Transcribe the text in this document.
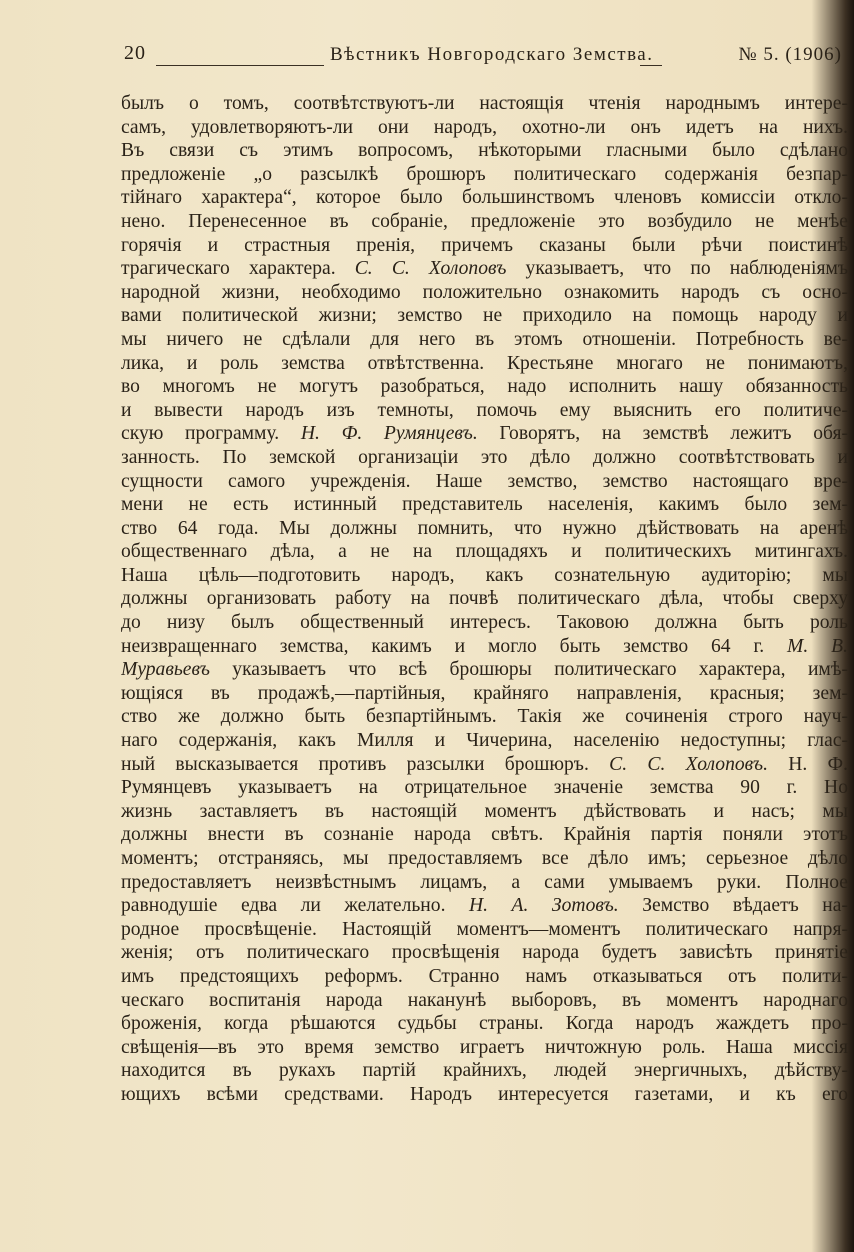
20	Вѣстникъ Новгородскаго Земства.	№ 5. (1906)
былъ о томъ, соотвѣтствуютъ-ли настоящія чтенія народнымъ интере-
самъ, удовлетворяютъ-ли они народъ, охотно-ли онъ идетъ на нихъ.
Въ связи съ этимъ вопросомъ, нѣкоторыми гласными было сдѣлано
предложеніе „о разсылкѣ брошюръ политическаго содержанія безпар-
тійнаго характера“, которое было большинствомъ членовъ комиссіи откло-
нено. Перенесенное въ собраніе, предложеніе это возбудило не менѣе
горячія и страстныя пренія, причемъ сказаны были рѣчи поистинѣ
трагическаго характера. С. С. Холоповъ указываетъ, что по наблюденіямъ
народной жизни, необходимо положительно ознакомить народъ съ осно-
вами политической жизни; земство не приходило на помощь народу и
мы ничего не сдѣлали для него въ этомъ отношеніи. Потребность ве-
лика, и роль земства отвѣтственна. Крестьяне многаго не понимаютъ,
во многомъ не могутъ разобраться, надо исполнить нашу обязанность
и вывести народъ изъ темноты, помочь ему выяснить его политиче-
скую программу. Н. Ф. Румянцевъ. Говорятъ, на земствѣ лежитъ обя-
занность. По земской организаціи это дѣло должно соотвѣтствовать и
сущности самого учрежденія. Наше земство, земство настоящаго вре-
мени не есть истинный представитель населенія, какимъ было зем-
ство 64 года. Мы должны помнить, что нужно дѣйствовать на аренѣ
общественнаго дѣла, а не на площадяхъ и политическихъ митингахъ.
Наша цѣль—подготовить народъ, какъ сознательную аудиторію; мы
должны организовать работу на почвѣ политическаго дѣла, чтобы сверху
до низу былъ общественный интересъ. Таковою должна быть роль
неизвращеннаго земства, какимъ и могло быть земство 64 г. М. В.
Муравьевъ указываетъ что всѣ брошюры политическаго характера, имѣ-
ющіяся въ продажѣ,—партійныя, крайняго направленія, красныя; зем-
ство же должно быть безпартійнымъ. Такія же сочиненія строго науч-
наго содержанія, какъ Милля и Чичерина, населенію недоступны; глас-
ный высказывается противъ разсылки брошюръ. С. С. Холоповъ. Н. Ф.
Румянцевъ указываетъ на отрицательное значеніе земства 90 г. Но
жизнь заставляетъ въ настоящій моментъ дѣйствовать и насъ; мы
должны внести въ сознаніе народа свѣтъ. Крайнія партія поняли этотъ
моментъ; отстраняясь, мы предоставляемъ все дѣло имъ; серьезное дѣло
предоставляетъ неизвѣстнымъ лицамъ, а сами умываемъ руки. Полное
равнодушіе едва ли желательно. Н. А. Зотовъ. Земство вѣдаетъ на-
родное просвѣщеніе. Настоящій моментъ—моментъ политическаго напря-
женія; отъ политическаго просвѣщенія народа будетъ зависѣть принятіе
имъ предстоящихъ реформъ. Странно намъ отказываться отъ полити-
ческаго воспитанія народа наканунѣ выборовъ, въ моментъ народнаго
броженія, когда рѣшаются судьбы страны. Когда народъ жаждетъ про-
свѣщенія—въ это время земство играетъ ничтожную роль. Наша миссія
находится въ рукахъ партій крайнихъ, людей энергичныхъ, дѣйству-
ющихъ всѣми средствами. Народъ интересуется газетами, и къ его
